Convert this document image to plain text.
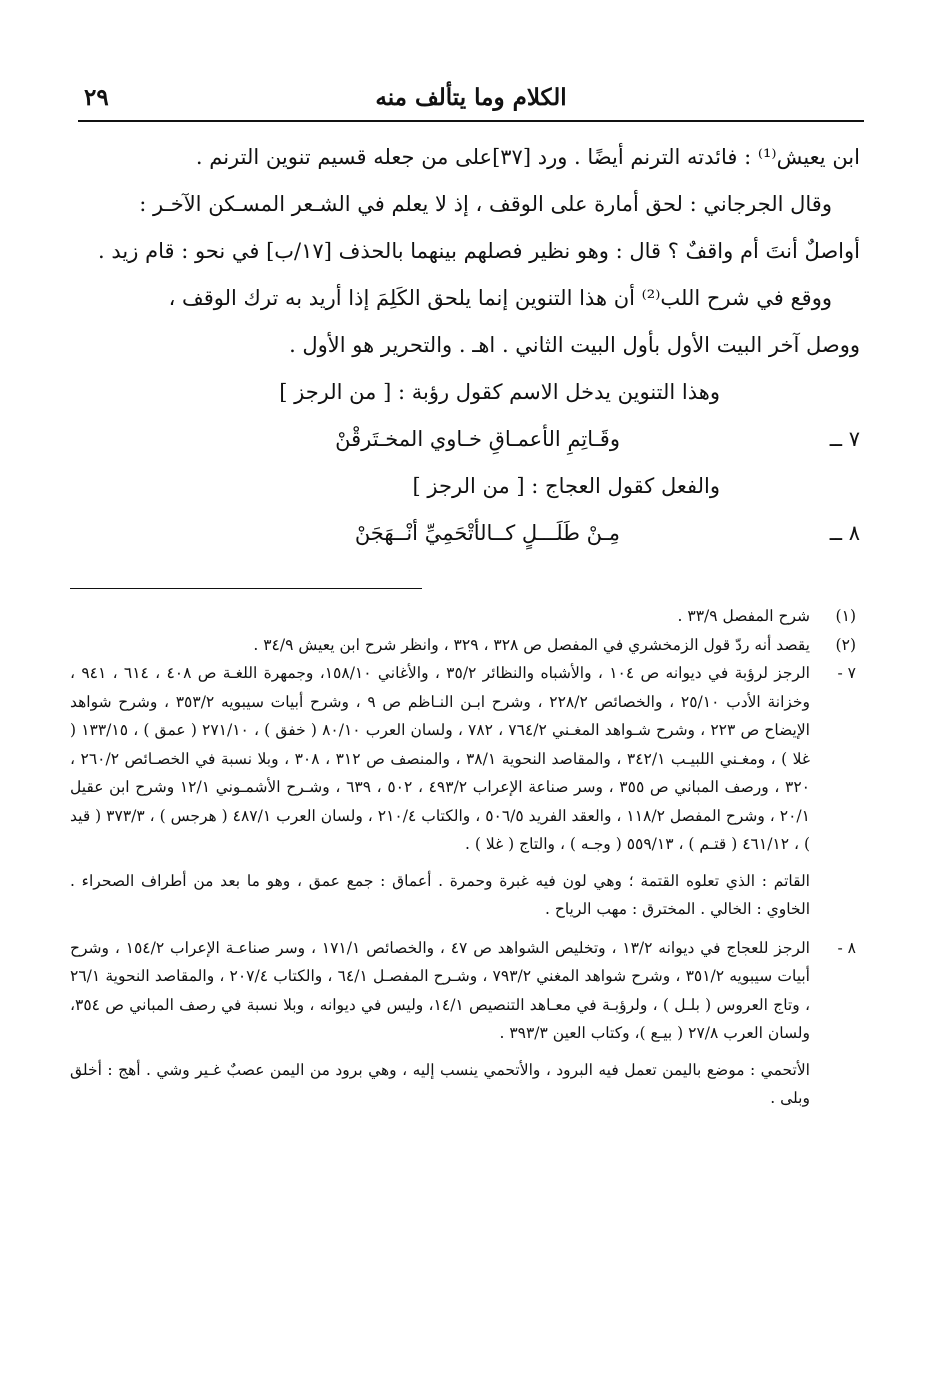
الكلام وما يتألف منه
٢٩

ابن يعيش⁽¹⁾ : فائدته الترنم أيضًا . ورد [٣٧]على من جعله قسيم تنوين الترنم .

وقال الجرجاني : لحق أمارة على الوقف ، إذ لا يعلم في الشـعر المسـكن الآخـر :

أواصلٌ أنتَ أم واقفٌ ؟ قال : وهو نظير فصلهم بينهما بالحذف [١٧/ب] في نحو : قام زيد .

ووقع في شرح اللب⁽²⁾ أن هذا التنوين إنما يلحق الكَلِمَ إذا أريد به ترك الوقف ،

ووصل آخر البيت الأول بأول البيت الثاني . اهـ . والتحرير هو الأول .

وهذا التنوين يدخل الاسم كقول رؤبة : [ من الرجز ]

٧ ــ
وقَـاتِمِ الأعمـاقِ خـاوي المخـتَرقْنْ

والفعل كقول العجاج : [ من الرجز ]

٨ ــ
مِـنْ طَلَـــلٍ كــالأتْحَمِيِّ أنْــهَجَنْ

(١)
شرح المفصل ٣٣/٩ .

(٢)
يقصد أنه ردّ قول الزمخشري في المفصل ص ٣٢٨ ، ٣٢٩ ، وانظر شرح ابن يعيش ٣٤/٩ .

٧ -
الرجز لرؤبة في ديوانه ص ١٠٤ ، والأشباه والنظائر ٣٥/٢ ، والأغاني ١٥٨/١٠، وجمهرة اللغـة ص ٤٠٨ ، ٦١٤ ، ٩٤١ ، وخزانة الأدب ٢٥/١٠ ، والخصائص ٢٢٨/٢ ، وشرح ابـن النـاظم ص ٩ ، وشرح أبيات سيبويه ٣٥٣/٢ ، وشرح شواهد الإيضاح ص ٢٢٣ ، وشرح شـواهد المغـني ٧٦٤/٢ ، ٧٨٢ ، ولسان العرب ٨٠/١٠ ( خفق ) ، ٢٧١/١٠ ( عمق ) ، ١٣٣/١٥ ( غلا ) ، ومغـني اللبيـب ٣٤٢/١ ، والمقاصد النحوية ٣٨/١ ، والمنصف ص ٣١٢ ، ٣٠٨ ، وبلا نسبة في الخصـائص ٢٦٠/٢ ، ٣٢٠ ، ورصف المباني ص ٣٥٥ ، وسر صناعة الإعراب ٤٩٣/٢ ، ٥٠٢ ، ٦٣٩ ، وشـرح الأشمـوني ١٢/١ وشرح ابن عقيل ٢٠/١ ، وشرح المفصل ١١٨/٢ ، والعقد الفريد ٥٠٦/٥ ، والكتاب ٢١٠/٤ ، ولسان العرب ٤٨٧/١ ( هرجس ) ، ٣٧٣/٣ ( قيد ) ، ٤٦١/١٢ ( قتـم ) ، ٥٥٩/١٣ ( وجـه ) ، والتاج ( غلا ) .

القاتم : الذي تعلوه القتمة ؛ وهي لون فيه غبرة وحمرة . أعماق : جمع عمق ، وهو ما بعد من أطراف الصحراء . الخاوي : الخالي . المخترق : مهب الرياح .

٨ -
الرجز للعجاج في ديوانه ١٣/٢ ، وتخليص الشواهد ص ٤٧ ، والخصائص ١٧١/١ ، وسر صناعـة الإعراب ١٥٤/٢ ، وشرح أبيات سيبويه ٣٥١/٢ ، وشرح شواهد المغني ٧٩٣/٢ ، وشـرح المفصـل ٦٤/١ ، والكتاب ٢٠٧/٤ ، والمقاصد النحوية ٢٦/١ ، وتاج العروس ( بلـل ) ، ولرؤبـة في معـاهد التنصيص ١٤/١، وليس في ديوانه ، وبلا نسبة في رصف المباني ص ٣٥٤، ولسان العرب ٢٧/٨ ( بيـع )، وكتاب العين ٣٩٣/٣ .

الأتحمي : موضع باليمن تعمل فيه البرود ، والأتحمي ينسب إليه ، وهي برود من اليمن عصبٌ غـير وشي . أهج : أخلق وبلى .
